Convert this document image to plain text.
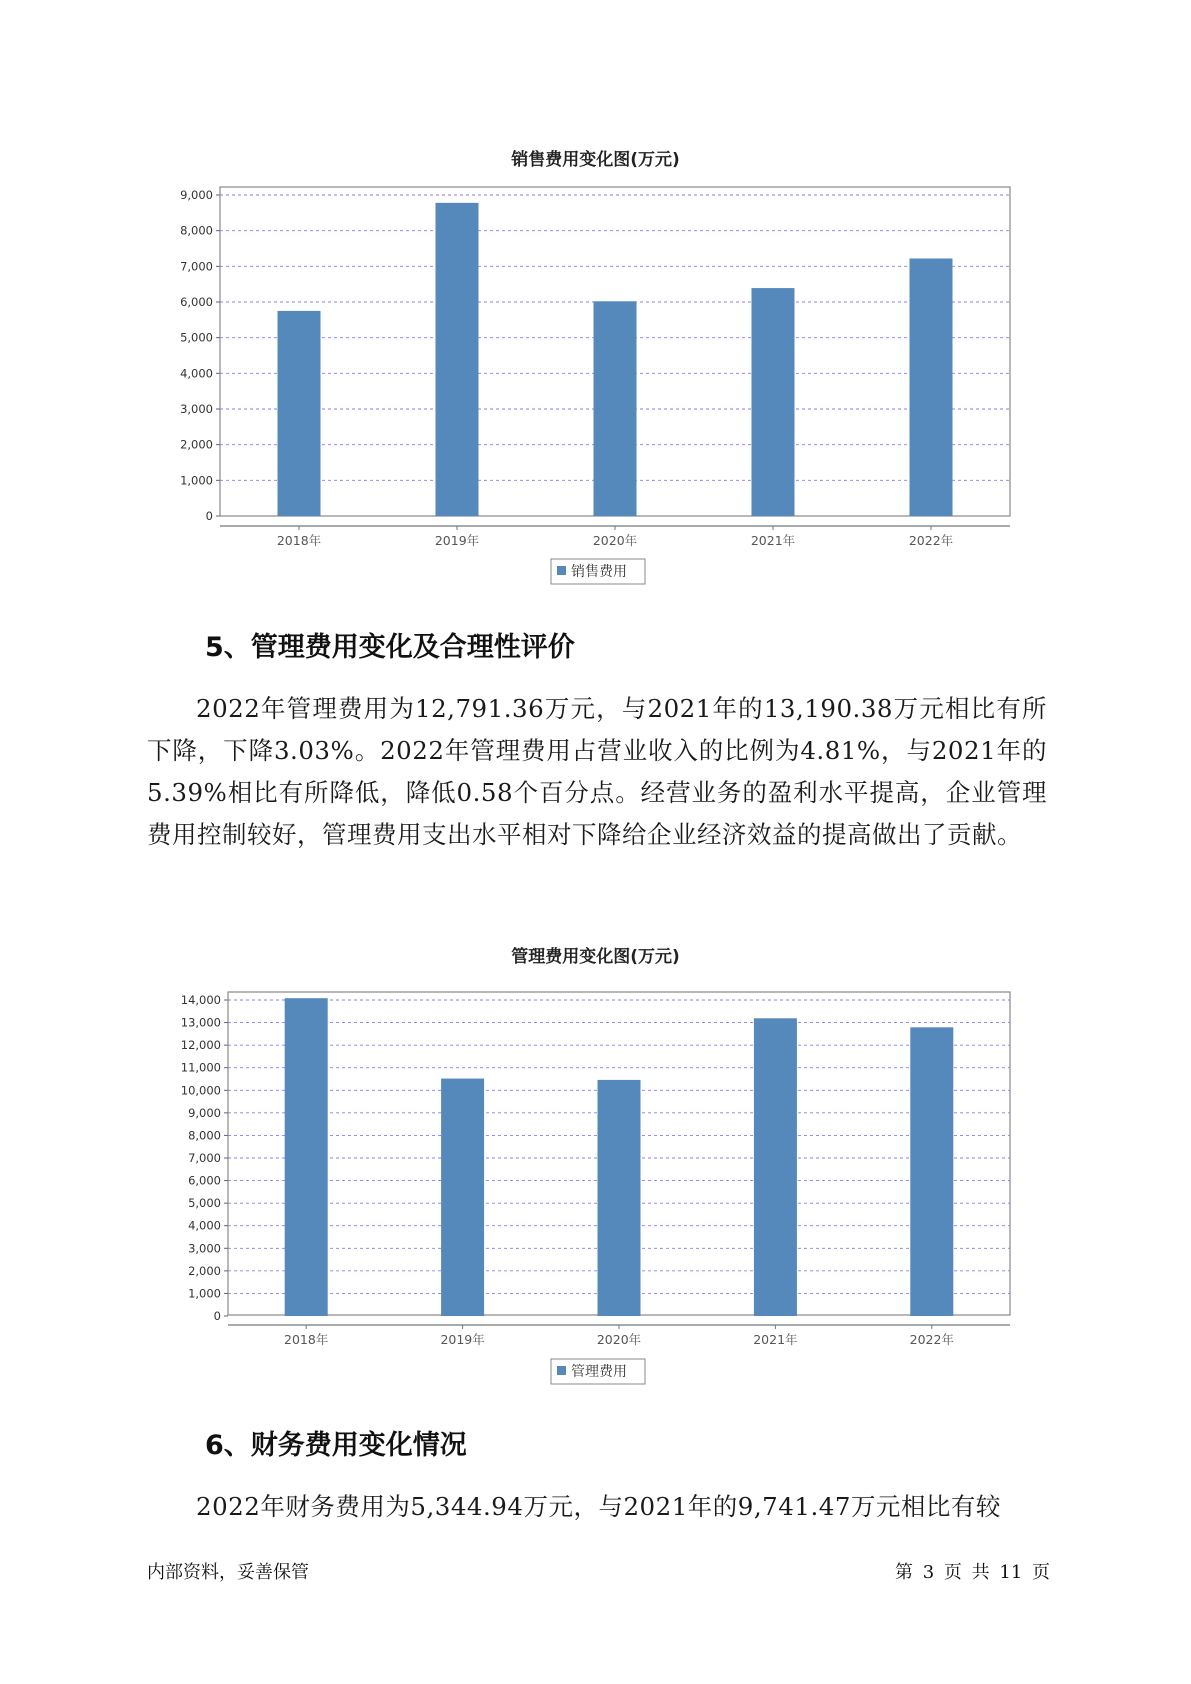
销售费用变化图(万元)
0
1,000
2,000
3,000
4,000
5,000
6,000
7,000
8,000
9,000
2018年	2019年	2020年	2021年	2022年
销售费用
5、管理费用变化及合理性评价

2022年管理费用为12,791.36万元，与2021年的13,190.38万元相比有所下降，下降3.03%。2022年管理费用占营业收入的比例为4.81%，与2021年的5.39%相比有所降低，降低0.58个百分点。经营业务的盈利水平提高，企业管理费用控制较好，管理费用支出水平相对下降给企业经济效益的提高做出了贡献。

管理费用变化图(万元)
0
1,000
2,000
3,000
4,000
5,000
6,000
7,000
8,000
9,000
10,000
11,000
12,000
13,000
14,000
2018年	2019年	2020年	2021年	2022年
管理费用
6、财务费用变化情况

2022年财务费用为5,344.94万元，与2021年的9,741.47万元相比有较

内部资料，妥善保管	第 3 页 共 11 页
